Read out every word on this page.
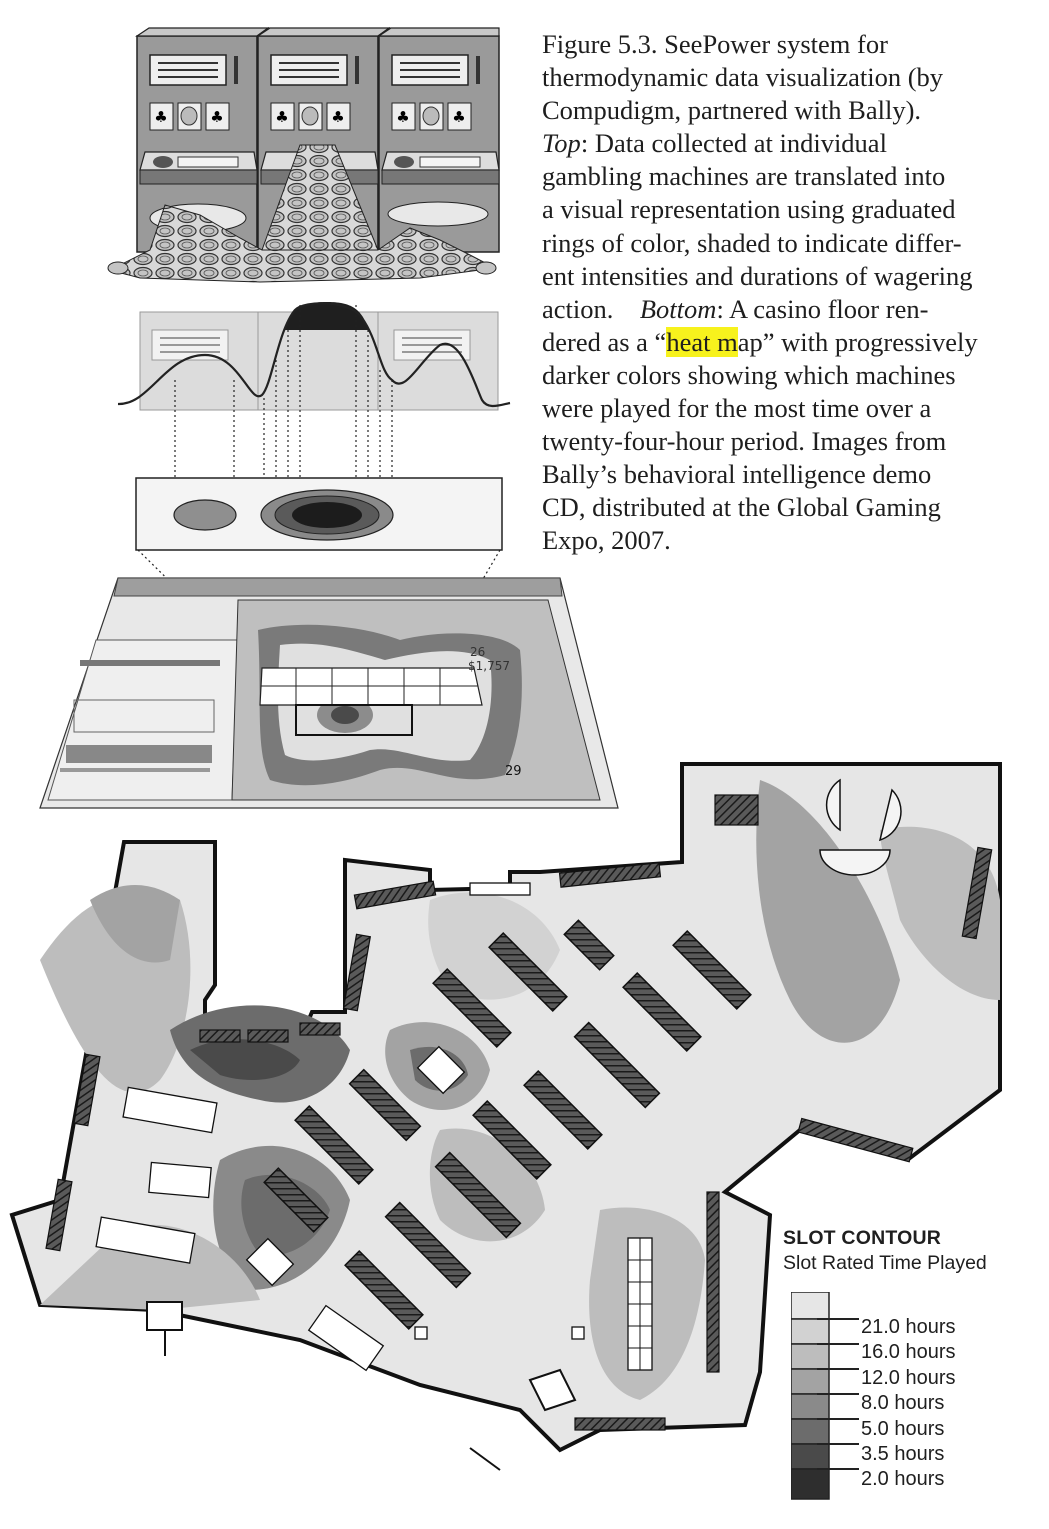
Figure 5.3. SeePower system for
thermodynamic data visualization (by
Compudigm, partnered with Bally).
Top: Data collected at individual
gambling machines are translated into
a visual representation using graduated
rings of color, shaded to indicate differ-
ent intensities and durations of wagering
action. Bottom: A casino floor ren-
dered as a “heat map” with progressively
darker colors showing which machines
were played for the most time over a
twenty-four-hour period. Images from
Bally’s behavioral intelligence demo
CD, distributed at the Global Gaming
Expo, 2007.
♣	♣	♣	♣	♣	♣
26
$1,757
29
SLOT CONTOUR
Slot Rated Time Played
21.0 hours
16.0 hours
12.0 hours
8.0 hours
5.0 hours
3.5 hours
2.0 hours
